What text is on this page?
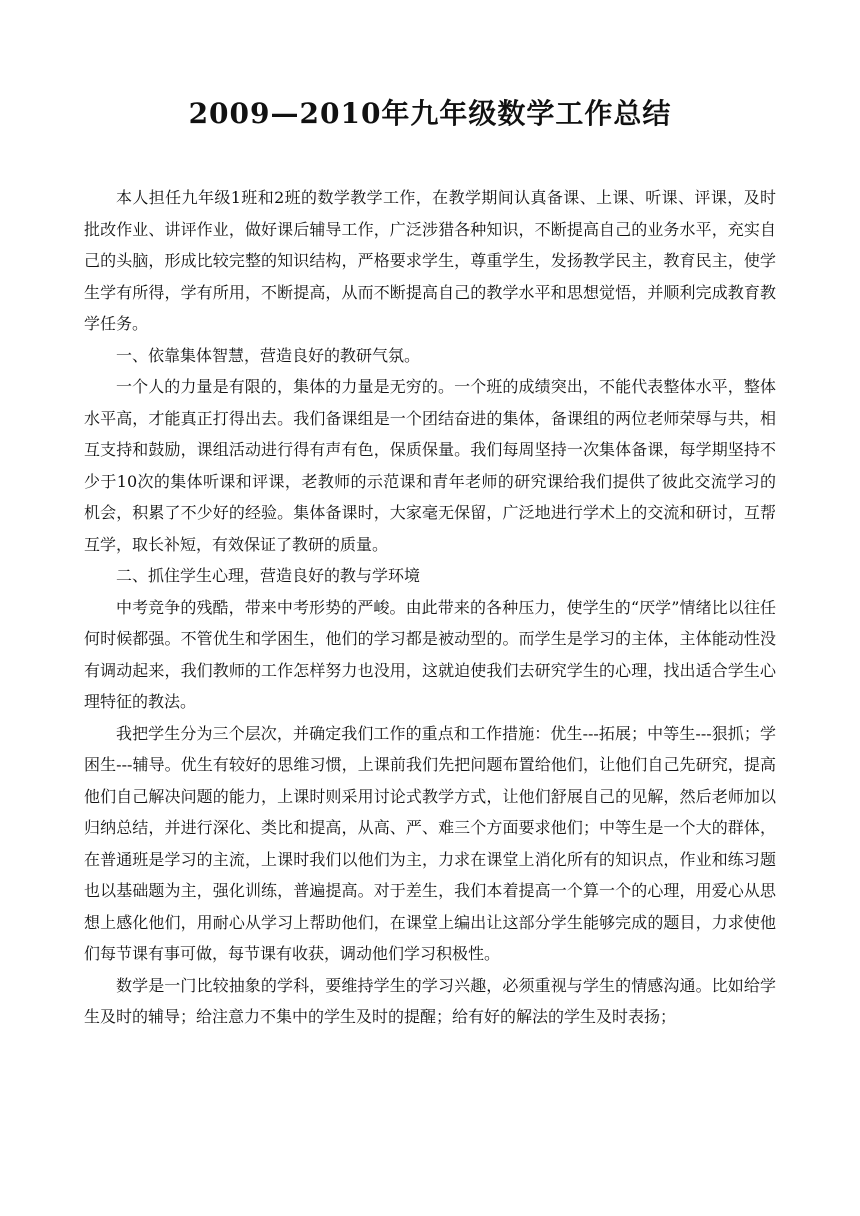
2009—2010年九年级数学工作总结

本人担任九年级1班和2班的数学教学工作，在教学期间认真备课、上课、听课、评课，及时批改作业、讲评作业，做好课后辅导工作，广泛涉猎各种知识，不断提高自己的业务水平，充实自己的头脑，形成比较完整的知识结构，严格要求学生，尊重学生，发扬教学民主，教育民主，使学生学有所得，学有所用，不断提高，从而不断提高自己的教学水平和思想觉悟，并顺利完成教育教学任务。

一、依靠集体智慧，营造良好的教研气氛。

一个人的力量是有限的，集体的力量是无穷的。一个班的成绩突出，不能代表整体水平，整体水平高，才能真正打得出去。我们备课组是一个团结奋进的集体，备课组的两位老师荣辱与共，相互支持和鼓励，课组活动进行得有声有色，保质保量。我们每周坚持一次集体备课，每学期坚持不少于10次的集体听课和评课，老教师的示范课和青年老师的研究课给我们提供了彼此交流学习的机会，积累了不少好的经验。集体备课时，大家毫无保留，广泛地进行学术上的交流和研讨，互帮互学，取长补短，有效保证了教研的质量。

二、抓住学生心理，营造良好的教与学环境

中考竞争的残酷，带来中考形势的严峻。由此带来的各种压力，使学生的“厌学”情绪比以往任何时候都强。不管优生和学困生，他们的学习都是被动型的。而学生是学习的主体，主体能动性没有调动起来，我们教师的工作怎样努力也没用，这就迫使我们去研究学生的心理，找出适合学生心理特征的教法。

我把学生分为三个层次，并确定我们工作的重点和工作措施：优生---拓展；中等生---狠抓；学困生---辅导。优生有较好的思维习惯，上课前我们先把问题布置给他们，让他们自己先研究，提高他们自己解决问题的能力，上课时则采用讨论式教学方式，让他们舒展自己的见解，然后老师加以归纳总结，并进行深化、类比和提高，从高、严、难三个方面要求他们；中等生是一个大的群体，在普通班是学习的主流，上课时我们以他们为主，力求在课堂上消化所有的知识点，作业和练习题也以基础题为主，强化训练，普遍提高。对于差生，我们本着提高一个算一个的心理，用爱心从思想上感化他们，用耐心从学习上帮助他们，在课堂上编出让这部分学生能够完成的题目，力求使他们每节课有事可做，每节课有收获，调动他们学习积极性。

数学是一门比较抽象的学科，要维持学生的学习兴趣，必须重视与学生的情感沟通。比如给学生及时的辅导；给注意力不集中的学生及时的提醒；给有好的解法的学生及时表扬；
